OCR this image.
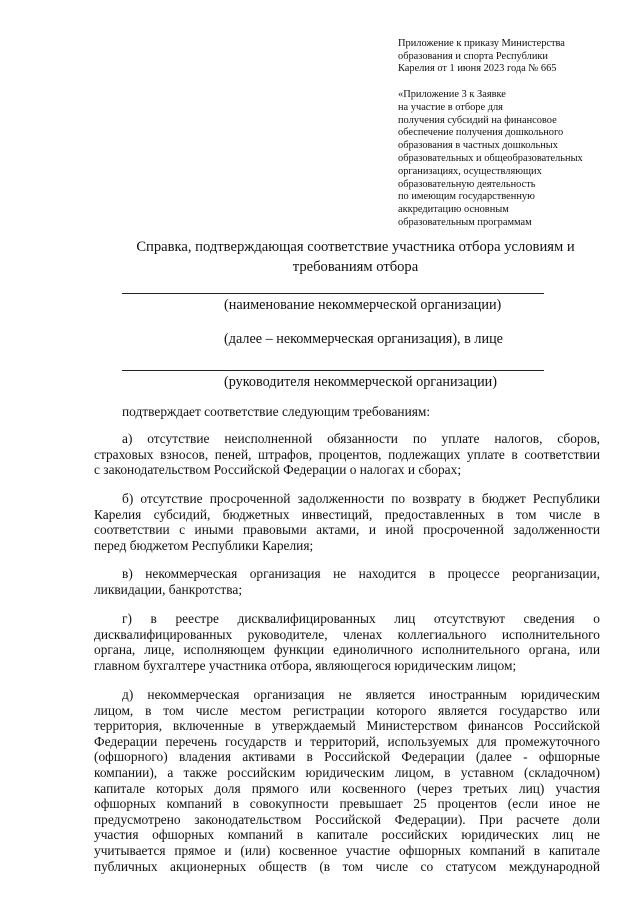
Приложение к приказу Министерства
образования и спорта Республики
Карелия от 1 июня 2023 года № 665
«Приложение 3 к Заявке
на участие в отборе для
получения субсидий на финансовое
обеспечение получения дошкольного
образования в частных дошкольных
образовательных и общеобразовательных
организациях, осуществляющих
образовательную деятельность
по имеющим государственную
аккредитацию основным
образовательным программам
Справка, подтверждающая соответствие участника отбора условиям и
требованиям отбора
(наименование некоммерческой организации)
(далее – некоммерческая организация), в лице
(руководителя некоммерческой организации)
подтверждает соответствие следующим требованиям:
а) отсутствие неисполненной обязанности по уплате налогов, сборов,
страховых взносов, пеней, штрафов, процентов, подлежащих уплате в соответствии
с законодательством Российской Федерации о налогах и сборах;
б) отсутствие просроченной задолженности по возврату в бюджет Республики
Карелия субсидий, бюджетных инвестиций, предоставленных в том числе в
соответствии с иными правовыми актами, и иной просроченной задолженности
перед бюджетом Республики Карелия;
в) некоммерческая организация не находится в процессе реорганизации,
ликвидации, банкротства;
г) в реестре дисквалифицированных лиц отсутствуют сведения о
дисквалифицированных руководителе, членах коллегиального исполнительного
органа, лице, исполняющем функции единоличного исполнительного органа, или
главном бухгалтере участника отбора, являющегося юридическим лицом;
д) некоммерческая организация не является иностранным юридическим
лицом, в том числе местом регистрации которого является государство или
территория, включенные в утверждаемый Министерством финансов Российской
Федерации перечень государств и территорий, используемых для промежуточного
(офшорного) владения активами в Российской Федерации (далее - офшорные
компании), а также российским юридическим лицом, в уставном (складочном)
капитале которых доля прямого или косвенного (через третьих лиц) участия
офшорных компаний в совокупности превышает 25 процентов (если иное не
предусмотрено законодательством Российской Федерации). При расчете доли
участия офшорных компаний в капитале российских юридических лиц не
учитывается прямое и (или) косвенное участие офшорных компаний в капитале
публичных акционерных обществ (в том числе со статусом международной
